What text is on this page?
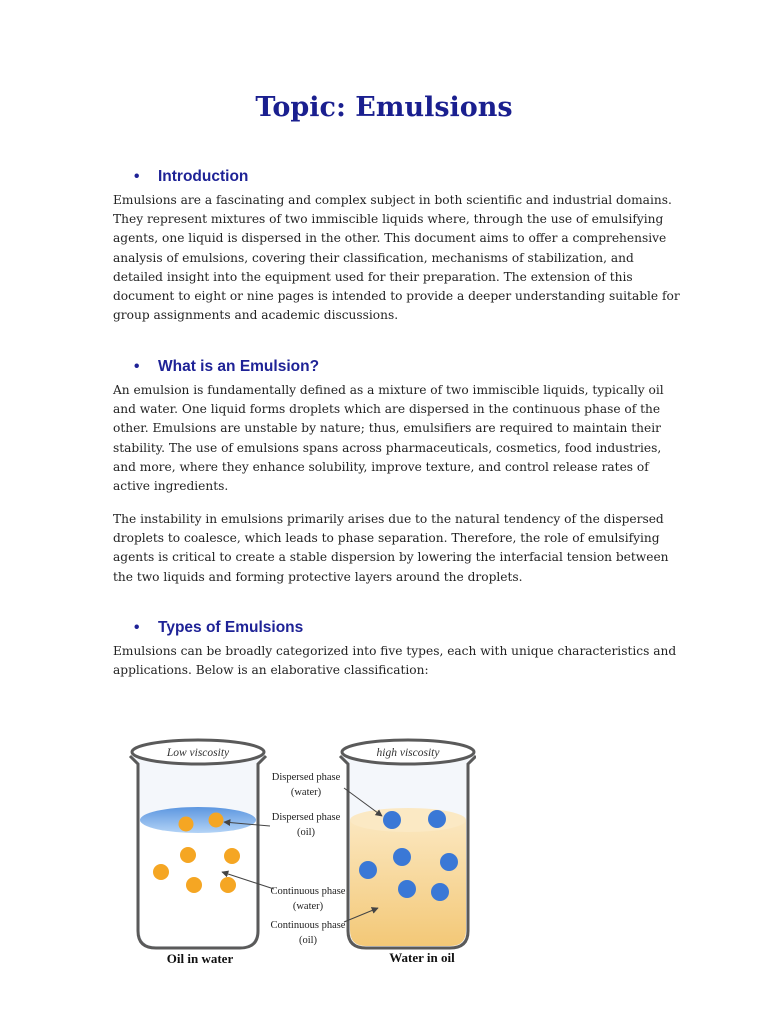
Topic: Emulsions
• Introduction

Emulsions are a fascinating and complex subject in both scientific and industrial domains.
They represent mixtures of two immiscible liquids where, through the use of emulsifying
agents, one liquid is dispersed in the other. This document aims to offer a comprehensive
analysis of emulsions, covering their classification, mechanisms of stabilization, and
detailed insight into the equipment used for their preparation. The extension of this
document to eight or nine pages is intended to provide a deeper understanding suitable for
group assignments and academic discussions.

• What is an Emulsion?

An emulsion is fundamentally defined as a mixture of two immiscible liquids, typically oil
and water. One liquid forms droplets which are dispersed in the continuous phase of the
other. Emulsions are unstable by nature; thus, emulsifiers are required to maintain their
stability. The use of emulsions spans across pharmaceuticals, cosmetics, food industries,
and more, where they enhance solubility, improve texture, and control release rates of
active ingredients.

The instability in emulsions primarily arises due to the natural tendency of the dispersed
droplets to coalesce, which leads to phase separation. Therefore, the role of emulsifying
agents is critical to create a stable dispersion by lowering the interfacial tension between
the two liquids and forming protective layers around the droplets.

• Types of Emulsions

Emulsions can be broadly categorized into five types, each with unique characteristics and
applications. Below is an elaborative classification:

Low viscosity	high viscosity
Dispersed phase
(water)
Dispersed phase
(oil)
Continuous phase
(water)
Continuous phase
(oil)
Oil in water	Water in oil
